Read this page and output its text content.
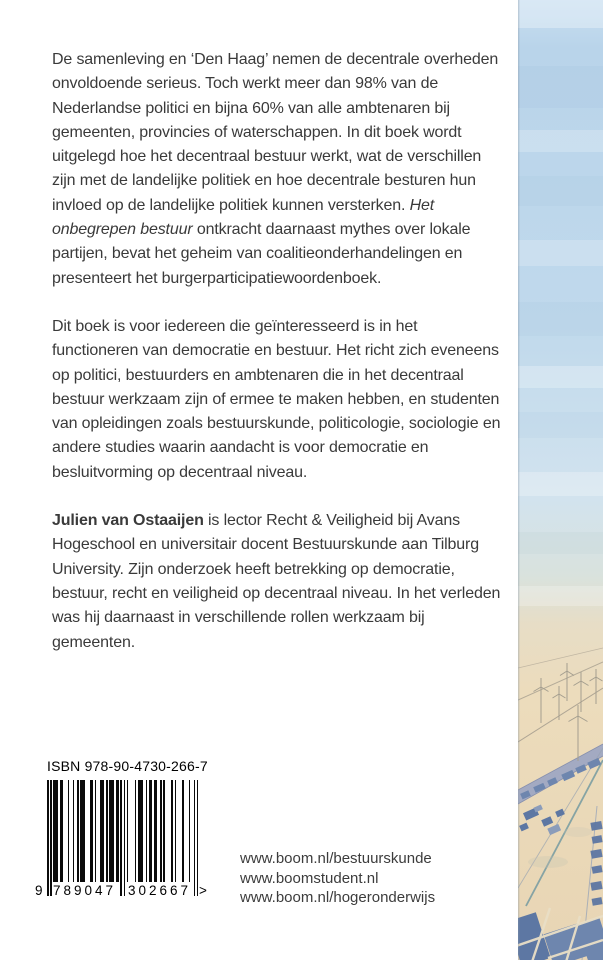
De samenleving en ‘Den Haag’ nemen de decentrale overheden onvoldoende serieus. Toch werkt meer dan 98% van de Nederlandse politici en bijna 60% van alle ambtenaren bij gemeenten, provincies of waterschappen. In dit boek wordt uitgelegd hoe het decentraal bestuur werkt, wat de verschillen zijn met de landelijke politiek en hoe decentrale besturen hun invloed op de landelijke politiek kunnen versterken. Het onbegrepen bestuur ontkracht daarnaast mythes over lokale partijen, bevat het geheim van coalitieonderhandelingen en presenteert het burgerparticipatiewoordenboek.

Dit boek is voor iedereen die geïnteresseerd is in het functioneren van democratie en bestuur. Het richt zich eveneens op politici, bestuurders en ambtenaren die in het decentraal bestuur werkzaam zijn of ermee te maken hebben, en studenten van opleidingen zoals bestuurskunde, politicologie, sociologie en andere studies waarin aandacht is voor democratie en besluitvorming op decentraal niveau.

Julien van Ostaaijen is lector Recht & Veiligheid bij Avans Hogeschool en universitair docent Bestuurskunde aan Tilburg University. Zijn onderzoek heeft betrekking op democratie, bestuur, recht en veiligheid op decentraal niveau. In het verleden was hij daarnaast in verschillende rollen werkzaam bij gemeenten.

ISBN 978-90-4730-266-7
9 789047 302667 >
www.boom.nl/bestuurskunde
www.boomstudent.nl
www.boom.nl/hogeronderwijs
